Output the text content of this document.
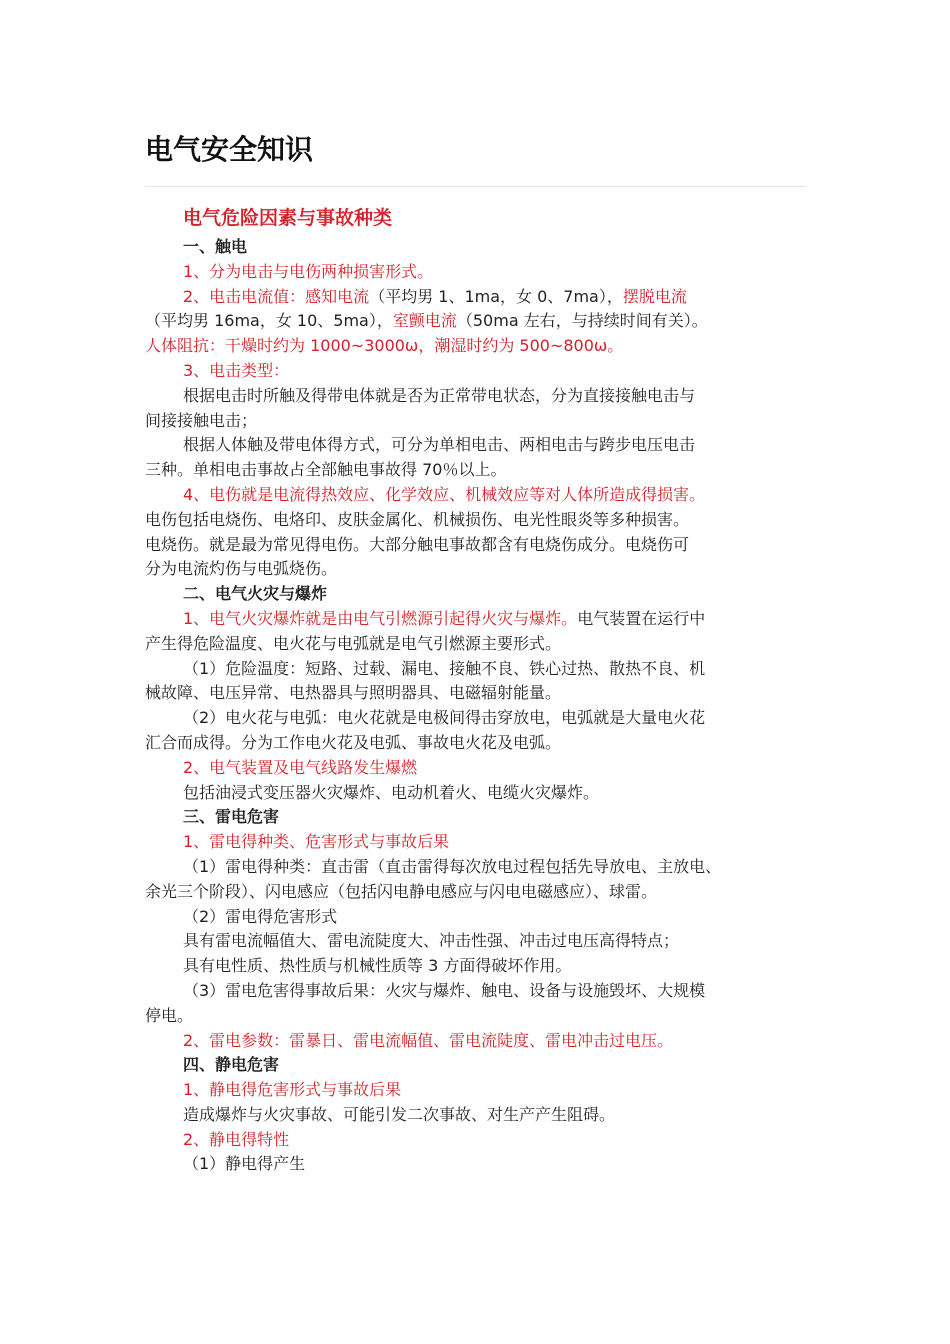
电气安全知识
电气危险因素与事故种类

一、触电

1、分为电击与电伤两种损害形式。

2、电击电流值：感知电流（平均男 1、1ma，女 0、7ma），摆脱电流

（平均男 16ma，女 10、5ma），室颤电流（50ma 左右，与持续时间有关）。

人体阻抗：干燥时约为 1000~3000ω，潮湿时约为 500~800ω。

3、电击类型：

根据电击时所触及得带电体就是否为正常带电状态，分为直接接触电击与

间接接触电击；

根据人体触及带电体得方式，可分为单相电击、两相电击与跨步电压电击

三种。单相电击事故占全部触电事故得 70％以上。

4、电伤就是电流得热效应、化学效应、机械效应等对人体所造成得损害。

电伤包括电烧伤、电烙印、皮肤金属化、机械损伤、电光性眼炎等多种损害。

电烧伤。就是最为常见得电伤。大部分触电事故都含有电烧伤成分。电烧伤可

分为电流灼伤与电弧烧伤。

二、电气火灾与爆炸

1、电气火灾爆炸就是由电气引燃源引起得火灾与爆炸。电气装置在运行中

产生得危险温度、电火花与电弧就是电气引燃源主要形式。

（1）危险温度：短路、过载、漏电、接触不良、铁心过热、散热不良、机

械故障、电压异常、电热器具与照明器具、电磁辐射能量。

（2）电火花与电弧：电火花就是电极间得击穿放电，电弧就是大量电火花

汇合而成得。分为工作电火花及电弧、事故电火花及电弧。

2、电气装置及电气线路发生爆燃

包括油浸式变压器火灾爆炸、电动机着火、电缆火灾爆炸。

三、雷电危害

1、雷电得种类、危害形式与事故后果

（1）雷电得种类：直击雷（直击雷得每次放电过程包括先导放电、主放电、

余光三个阶段）、闪电感应（包括闪电静电感应与闪电电磁感应）、球雷。

（2）雷电得危害形式

具有雷电流幅值大、雷电流陡度大、冲击性强、冲击过电压高得特点；

具有电性质、热性质与机械性质等 3 方面得破坏作用。

（3）雷电危害得事故后果：火灾与爆炸、触电、设备与设施毁坏、大规模

停电。

2、雷电参数：雷暴日、雷电流幅值、雷电流陡度、雷电冲击过电压。

四、静电危害

1、静电得危害形式与事故后果

造成爆炸与火灾事故、可能引发二次事故、对生产产生阻碍。

2、静电得特性

（1）静电得产生
